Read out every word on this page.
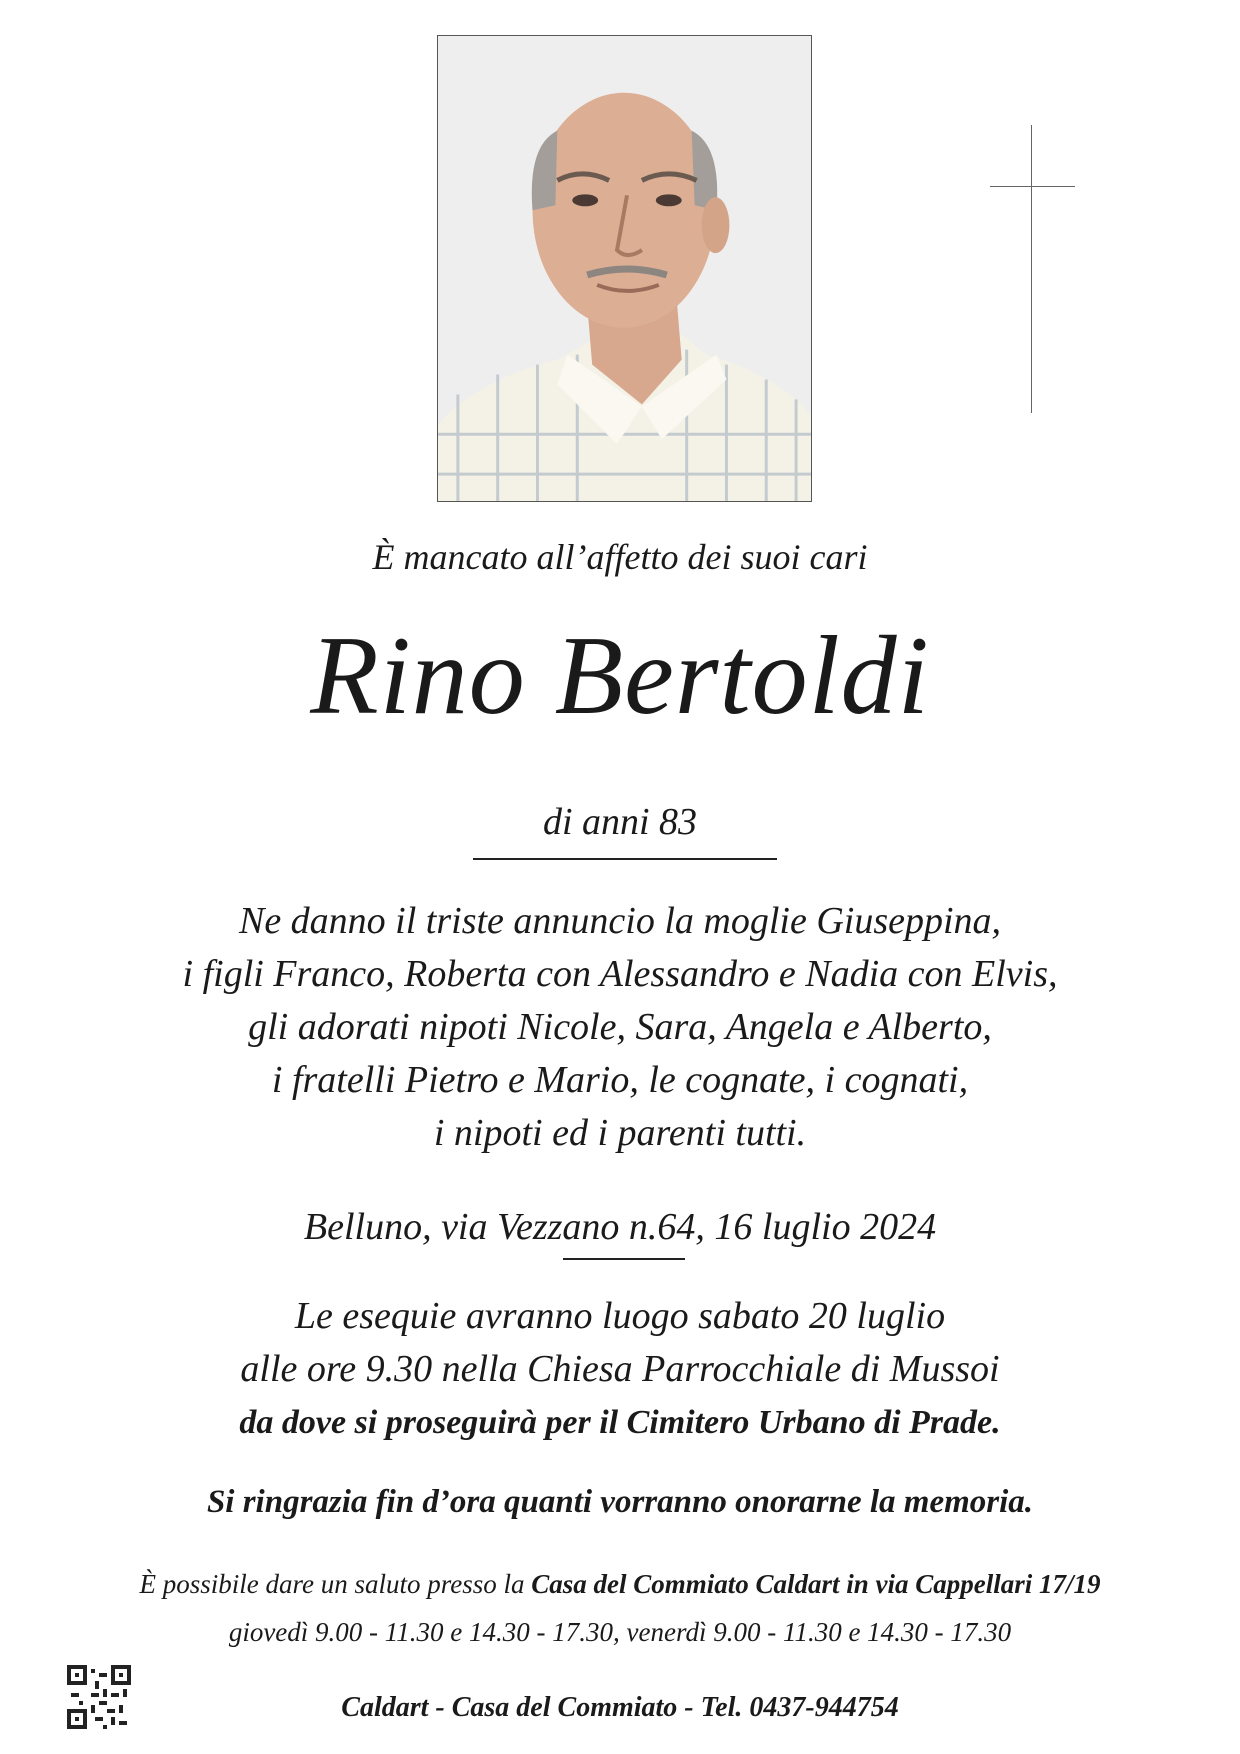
È mancato all’affetto dei suoi cari
Rino Bertoldi
di anni 83
Ne danno il triste annuncio la moglie Giuseppina,
i figli Franco, Roberta con Alessandro e Nadia con Elvis,
gli adorati nipoti Nicole, Sara, Angela e Alberto,
i fratelli Pietro e Mario, le cognate, i cognati,
i nipoti ed i parenti tutti.
Belluno, via Vezzano n.64, 16 luglio 2024
Le esequie avranno luogo sabato 20 luglio
alle ore 9.30 nella Chiesa Parrocchiale di Mussoi
da dove si proseguirà per il Cimitero Urbano di Prade.
Si ringrazia fin d’ora quanti vorranno onorarne la memoria.
È possibile dare un saluto presso la Casa del Commiato Caldart in via Cappellari 17/19
giovedì 9.00 - 11.30 e 14.30 - 17.30, venerdì 9.00 - 11.30 e 14.30 - 17.30
Caldart - Casa del Commiato - Tel. 0437-944754
